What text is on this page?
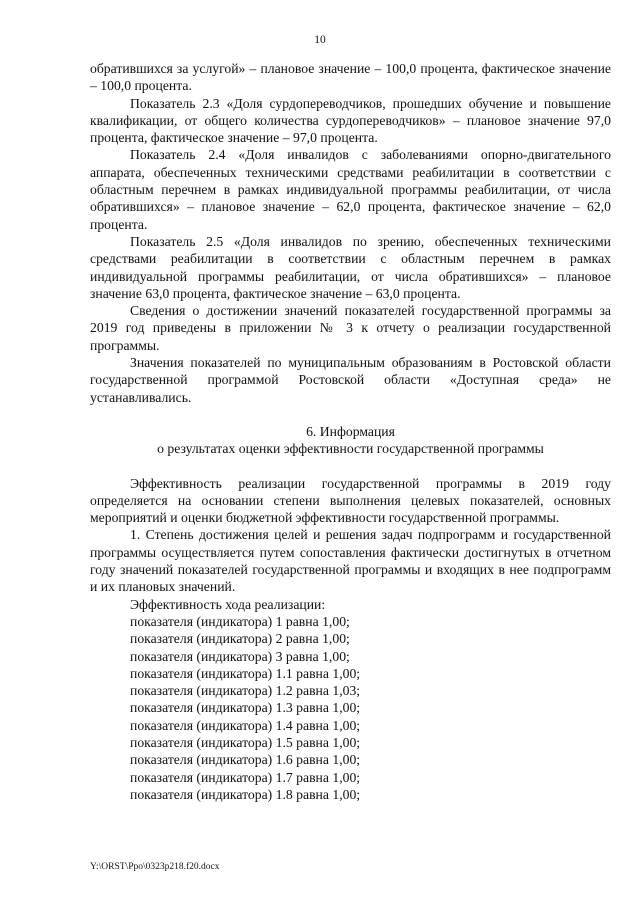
10

обратившихся за услугой» – плановое значение – 100,0 процента, фактическое значение – 100,0 процента.

Показатель 2.3 «Доля сурдопереводчиков, прошедших обучение и повышение квалификации, от общего количества сурдопереводчиков» – плановое значение 97,0 процента, фактическое значение – 97,0 процента.

Показатель 2.4 «Доля инвалидов с заболеваниями опорно-двигательного аппарата, обеспеченных техническими средствами реабилитации в соответствии с областным перечнем в рамках индивидуальной программы реабилитации, от числа обратившихся» – плановое значение – 62,0 процента, фактическое значение – 62,0 процента.

Показатель 2.5 «Доля инвалидов по зрению, обеспеченных техническими средствами реабилитации в соответствии с областным перечнем в рамках индивидуальной программы реабилитации, от числа обратившихся» – плановое значение 63,0 процента, фактическое значение – 63,0 процента.

Сведения о достижении значений показателей государственной программы за 2019 год приведены в приложении № 3 к отчету о реализации государственной программы.

Значения показателей по муниципальным образованиям в Ростовской области государственной программой Ростовской области «Доступная среда» не устанавливались.

6. Информация

о результатах оценки эффективности государственной программы

Эффективность реализации государственной программы в 2019 году определяется на основании степени выполнения целевых показателей, основных мероприятий и оценки бюджетной эффективности государственной программы.

1. Степень достижения целей и решения задач подпрограмм и государственной программы осуществляется путем сопоставления фактически достигнутых в отчетном году значений показателей государственной программы и входящих в нее подпрограмм и их плановых значений.

Эффективность хода реализации:

показателя (индикатора) 1 равна 1,00;

показателя (индикатора) 2 равна 1,00;

показателя (индикатора) 3 равна 1,00;

показателя (индикатора) 1.1 равна 1,00;

показателя (индикатора) 1.2 равна 1,03;

показателя (индикатора) 1.3 равна 1,00;

показателя (индикатора) 1.4 равна 1,00;

показателя (индикатора) 1.5 равна 1,00;

показателя (индикатора) 1.6 равна 1,00;

показателя (индикатора) 1.7 равна 1,00;

показателя (индикатора) 1.8 равна 1,00;

Y:\ORST\Ppo\0323p218.f20.docx
